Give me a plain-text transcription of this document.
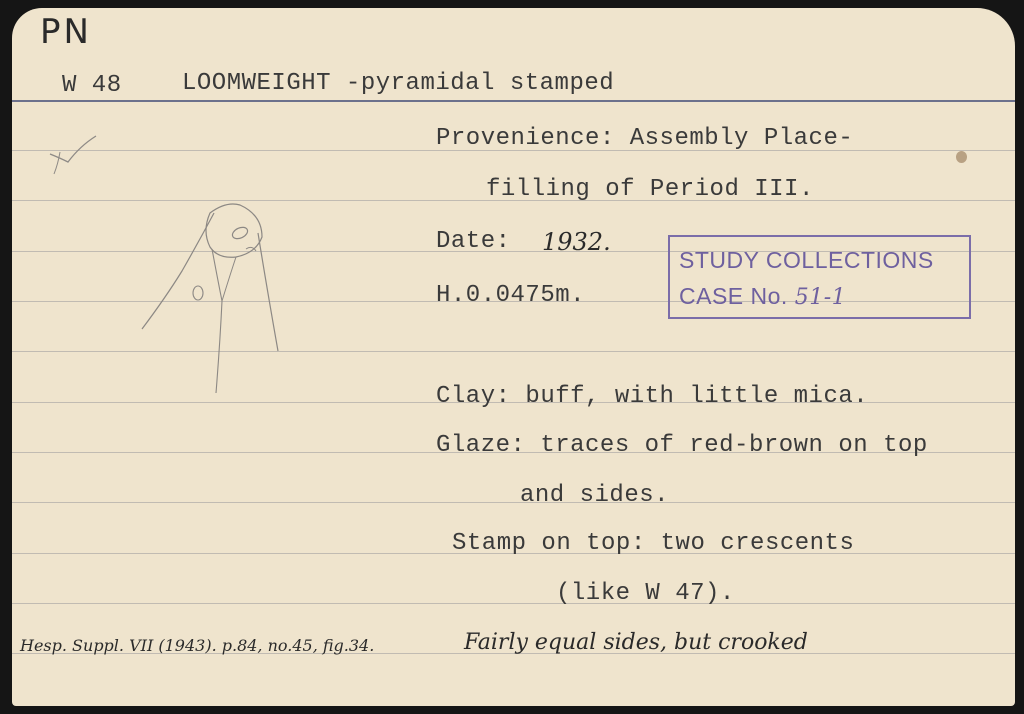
PN
W 48	LOOMWEIGHT -pyramidal stamped
Provenience: Assembly Place-
filling of Period III.
Date: 1932.
H.0.0475m.
STUDY COLLECTIONS
CASE No. 51-1
Clay: buff, with little mica.
Glaze: traces of red-brown on top
and sides.
Stamp on top: two crescents
(like W 47).
Hesp. Suppl. VII (1943). p.84, no.45, fig.34.	Fairly equal sides, but crooked
